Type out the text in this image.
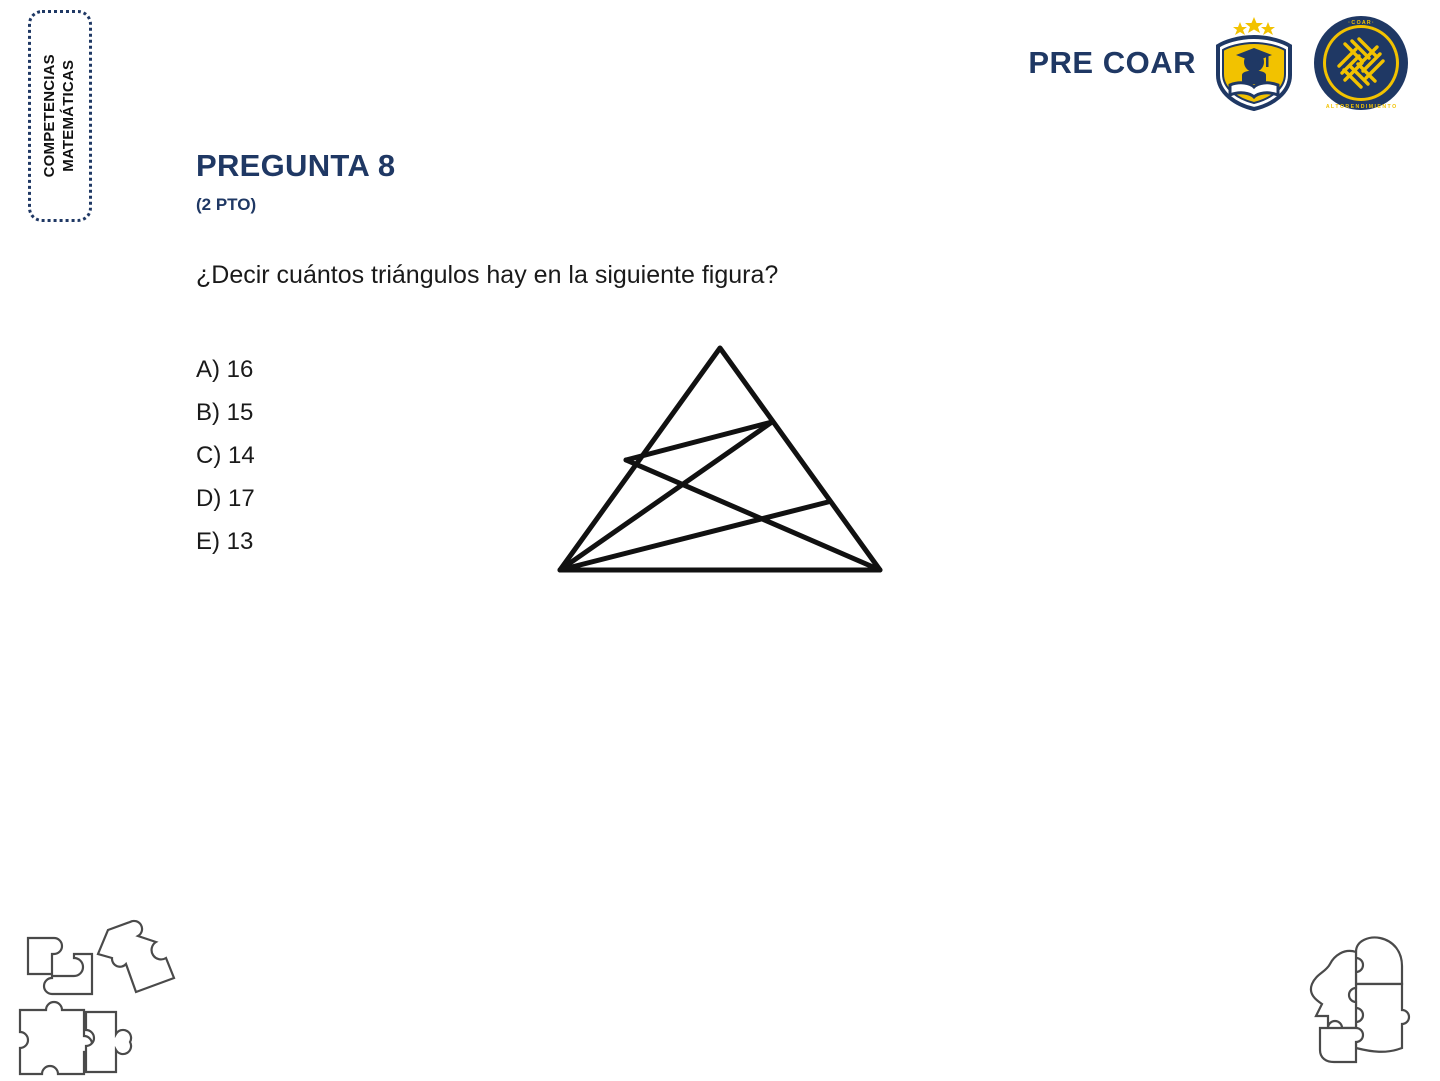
COMPETENCIAS MATEMÁTICAS	PRE COAR
· C O A R ·
A L T O R E N D I M I E N T O
PREGUNTA 8
(2 PTO)
¿Decir cuántos triángulos hay en la siguiente figura?
A) 16
B) 15
C) 14
D) 17
E) 13
